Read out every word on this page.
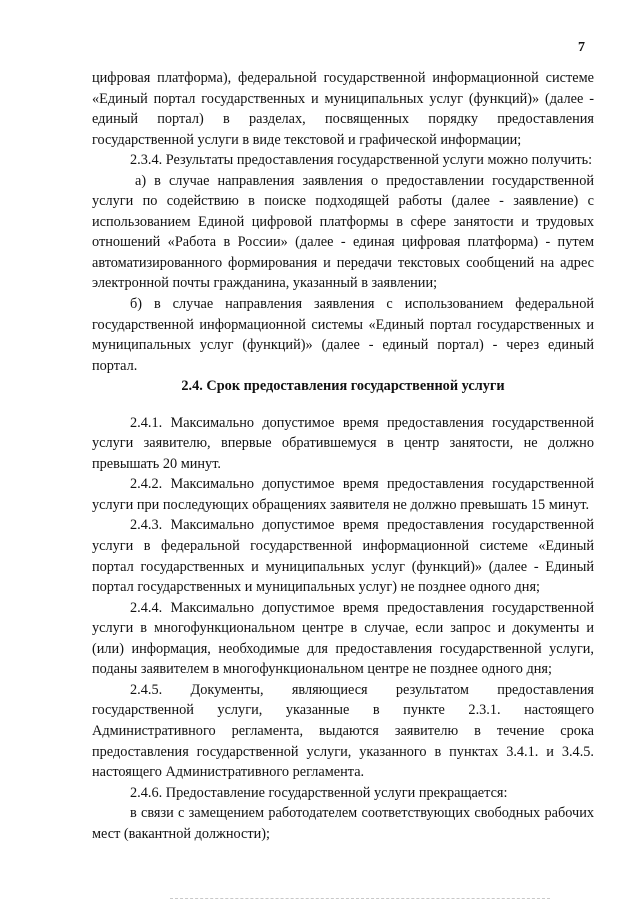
7

цифровая платформа), федеральной государственной информационной системе «Единый портал государственных и муниципальных услуг (функций)» (далее - единый портал) в разделах, посвященных порядку предоставления государственной услуги в виде текстовой и графической информации;

2.3.4. Результаты предоставления государственной услуги можно получить:

а) в случае направления заявления о предоставлении государственной услуги по содействию в поиске подходящей работы (далее - заявление) с использованием Единой цифровой платформы в сфере занятости и трудовых отношений «Работа в России» (далее - единая цифровая платформа) - путем автоматизированного формирования и передачи текстовых сообщений на адрес электронной почты гражданина, указанный в заявлении;

б) в случае направления заявления с использованием федеральной государственной информационной системы «Единый портал государственных и муниципальных услуг (функций)» (далее - единый портал) - через единый портал.

2.4. Срок предоставления государственной услуги

2.4.1. Максимально допустимое время предоставления государственной услуги заявителю, впервые обратившемуся в центр занятости, не должно превышать 20 минут.

2.4.2. Максимально допустимое время предоставления государственной услуги при последующих обращениях заявителя не должно превышать 15 минут.

2.4.3. Максимально допустимое время предоставления государственной услуги в федеральной государственной информационной системе «Единый портал государственных и муниципальных услуг (функций)» (далее - Единый портал государственных и муниципальных услуг) не позднее одного дня;

2.4.4. Максимально допустимое время предоставления государственной услуги в многофункциональном центре в случае, если запрос и документы и (или) информация, необходимые для предоставления государственной услуги, поданы заявителем в многофункциональном центре не позднее одного дня;

2.4.5. Документы, являющиеся результатом предоставления государственной услуги, указанные в пункте 2.3.1. настоящего Административного регламента, выдаются заявителю в течение срока предоставления государственной услуги, указанного в пунктах 3.4.1. и 3.4.5. настоящего Административного регламента.

2.4.6. Предоставление государственной услуги прекращается:

в связи с замещением работодателем соответствующих свободных рабочих мест (вакантной должности);
